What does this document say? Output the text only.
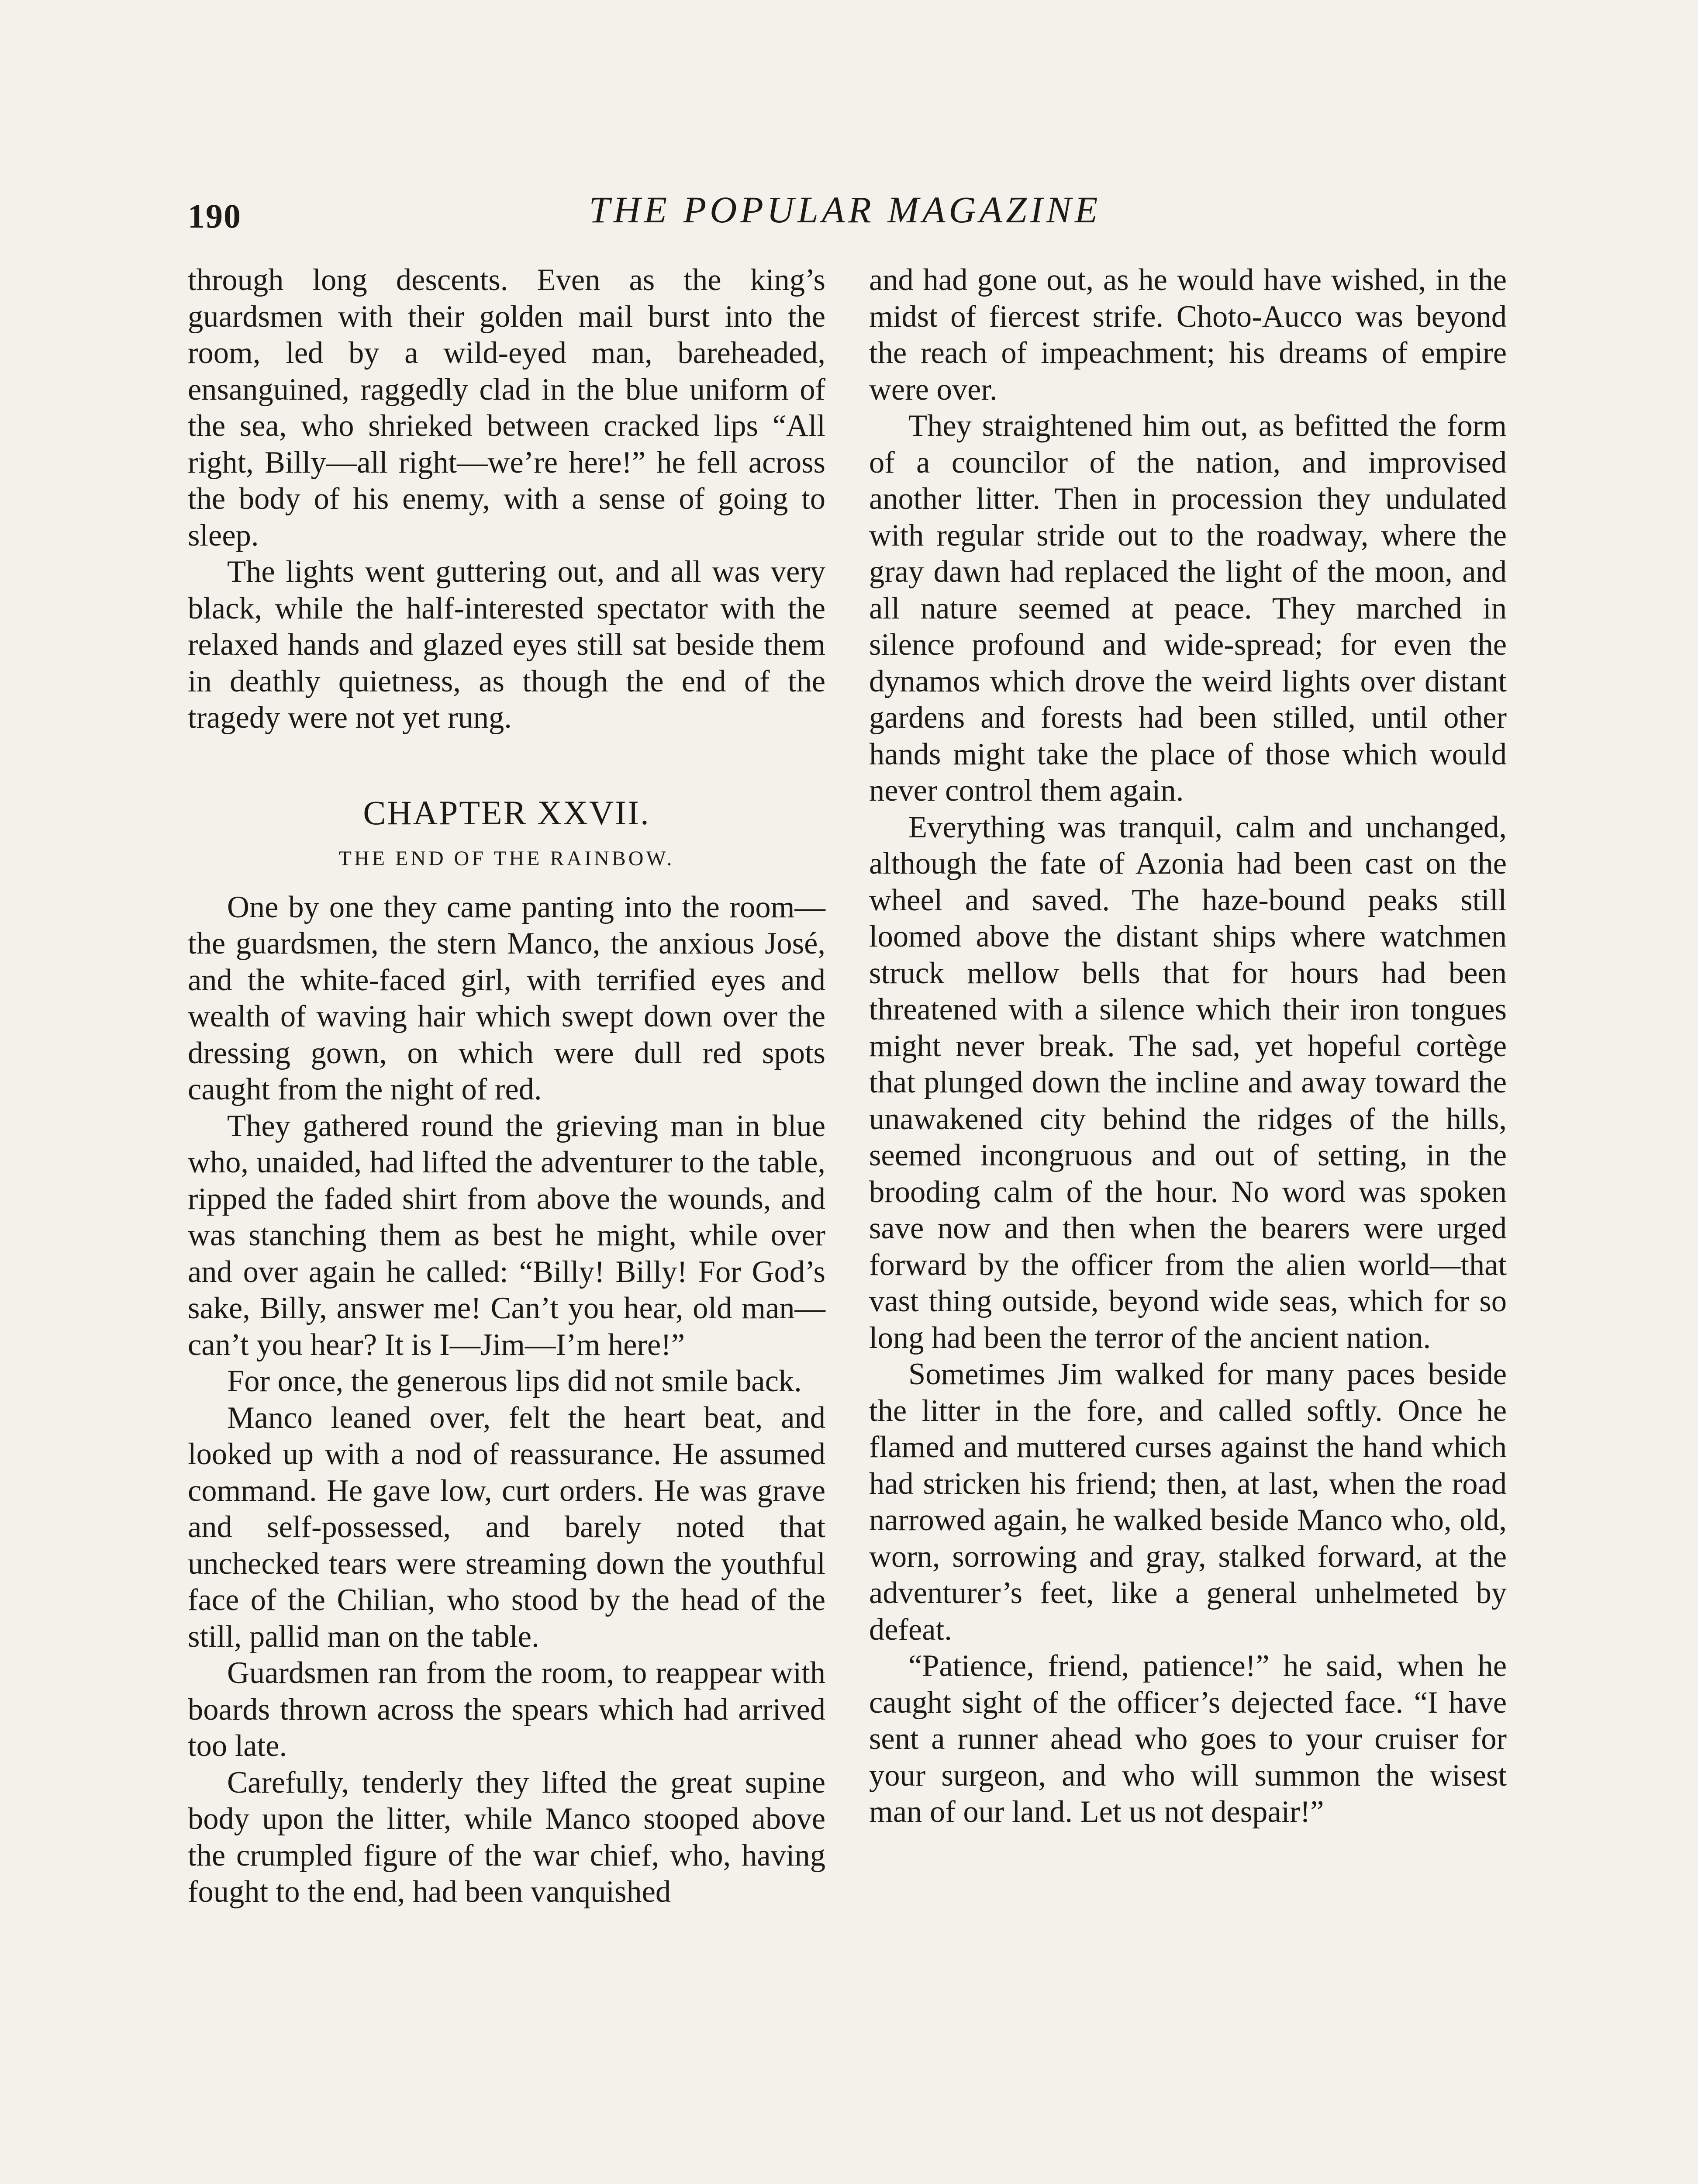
190	THE POPULAR MAGAZINE

through long descents. Even as the king’s guardsmen with their golden mail burst into the room, led by a wild-eyed man, bareheaded, ensanguined, raggedly clad in the blue uniform of the sea, who shrieked between cracked lips “All right, Billy—all right—we’re here!” he fell across the body of his enemy, with a sense of going to sleep.

The lights went guttering out, and all was very black, while the half-interested spectator with the relaxed hands and glazed eyes still sat beside them in deathly quietness, as though the end of the tragedy were not yet rung.

CHAPTER XXVII.
THE END OF THE RAINBOW.

One by one they came panting into the room—the guardsmen, the stern Manco, the anxious José, and the white-faced girl, with terrified eyes and wealth of waving hair which swept down over the dressing gown, on which were dull red spots caught from the night of red.

They gathered round the grieving man in blue who, unaided, had lifted the adventurer to the table, ripped the faded shirt from above the wounds, and was stanching them as best he might, while over and over again he called: “Billy! Billy! For God’s sake, Billy, answer me! Can’t you hear, old man—can’t you hear? It is I—Jim—I’m here!”

For once, the generous lips did not smile back.

Manco leaned over, felt the heart beat, and looked up with a nod of reassurance. He assumed command. He gave low, curt orders. He was grave and self-possessed, and barely noted that unchecked tears were streaming down the youthful face of the Chilian, who stood by the head of the still, pallid man on the table.

Guardsmen ran from the room, to reappear with boards thrown across the spears which had arrived too late.

Carefully, tenderly they lifted the great supine body upon the litter, while Manco stooped above the crumpled figure of the war chief, who, having fought to the end, had been vanquished

and had gone out, as he would have wished, in the midst of fiercest strife. Choto-Aucco was beyond the reach of impeachment; his dreams of empire were over.

They straightened him out, as befitted the form of a councilor of the nation, and improvised another litter. Then in procession they undulated with regular stride out to the roadway, where the gray dawn had replaced the light of the moon, and all nature seemed at peace. They marched in silence profound and wide-spread; for even the dynamos which drove the weird lights over distant gardens and forests had been stilled, until other hands might take the place of those which would never control them again.

Everything was tranquil, calm and unchanged, although the fate of Azonia had been cast on the wheel and saved. The haze-bound peaks still loomed above the distant ships where watchmen struck mellow bells that for hours had been threatened with a silence which their iron tongues might never break. The sad, yet hopeful cortège that plunged down the incline and away toward the unawakened city behind the ridges of the hills, seemed incongruous and out of setting, in the brooding calm of the hour. No word was spoken save now and then when the bearers were urged forward by the officer from the alien world—that vast thing outside, beyond wide seas, which for so long had been the terror of the ancient nation.

Sometimes Jim walked for many paces beside the litter in the fore, and called softly. Once he flamed and muttered curses against the hand which had stricken his friend; then, at last, when the road narrowed again, he walked beside Manco who, old, worn, sorrowing and gray, stalked forward, at the adventurer’s feet, like a general unhelmeted by defeat.

“Patience, friend, patience!” he said, when he caught sight of the officer’s dejected face. “I have sent a runner ahead who goes to your cruiser for your surgeon, and who will summon the wisest man of our land. Let us not despair!”
